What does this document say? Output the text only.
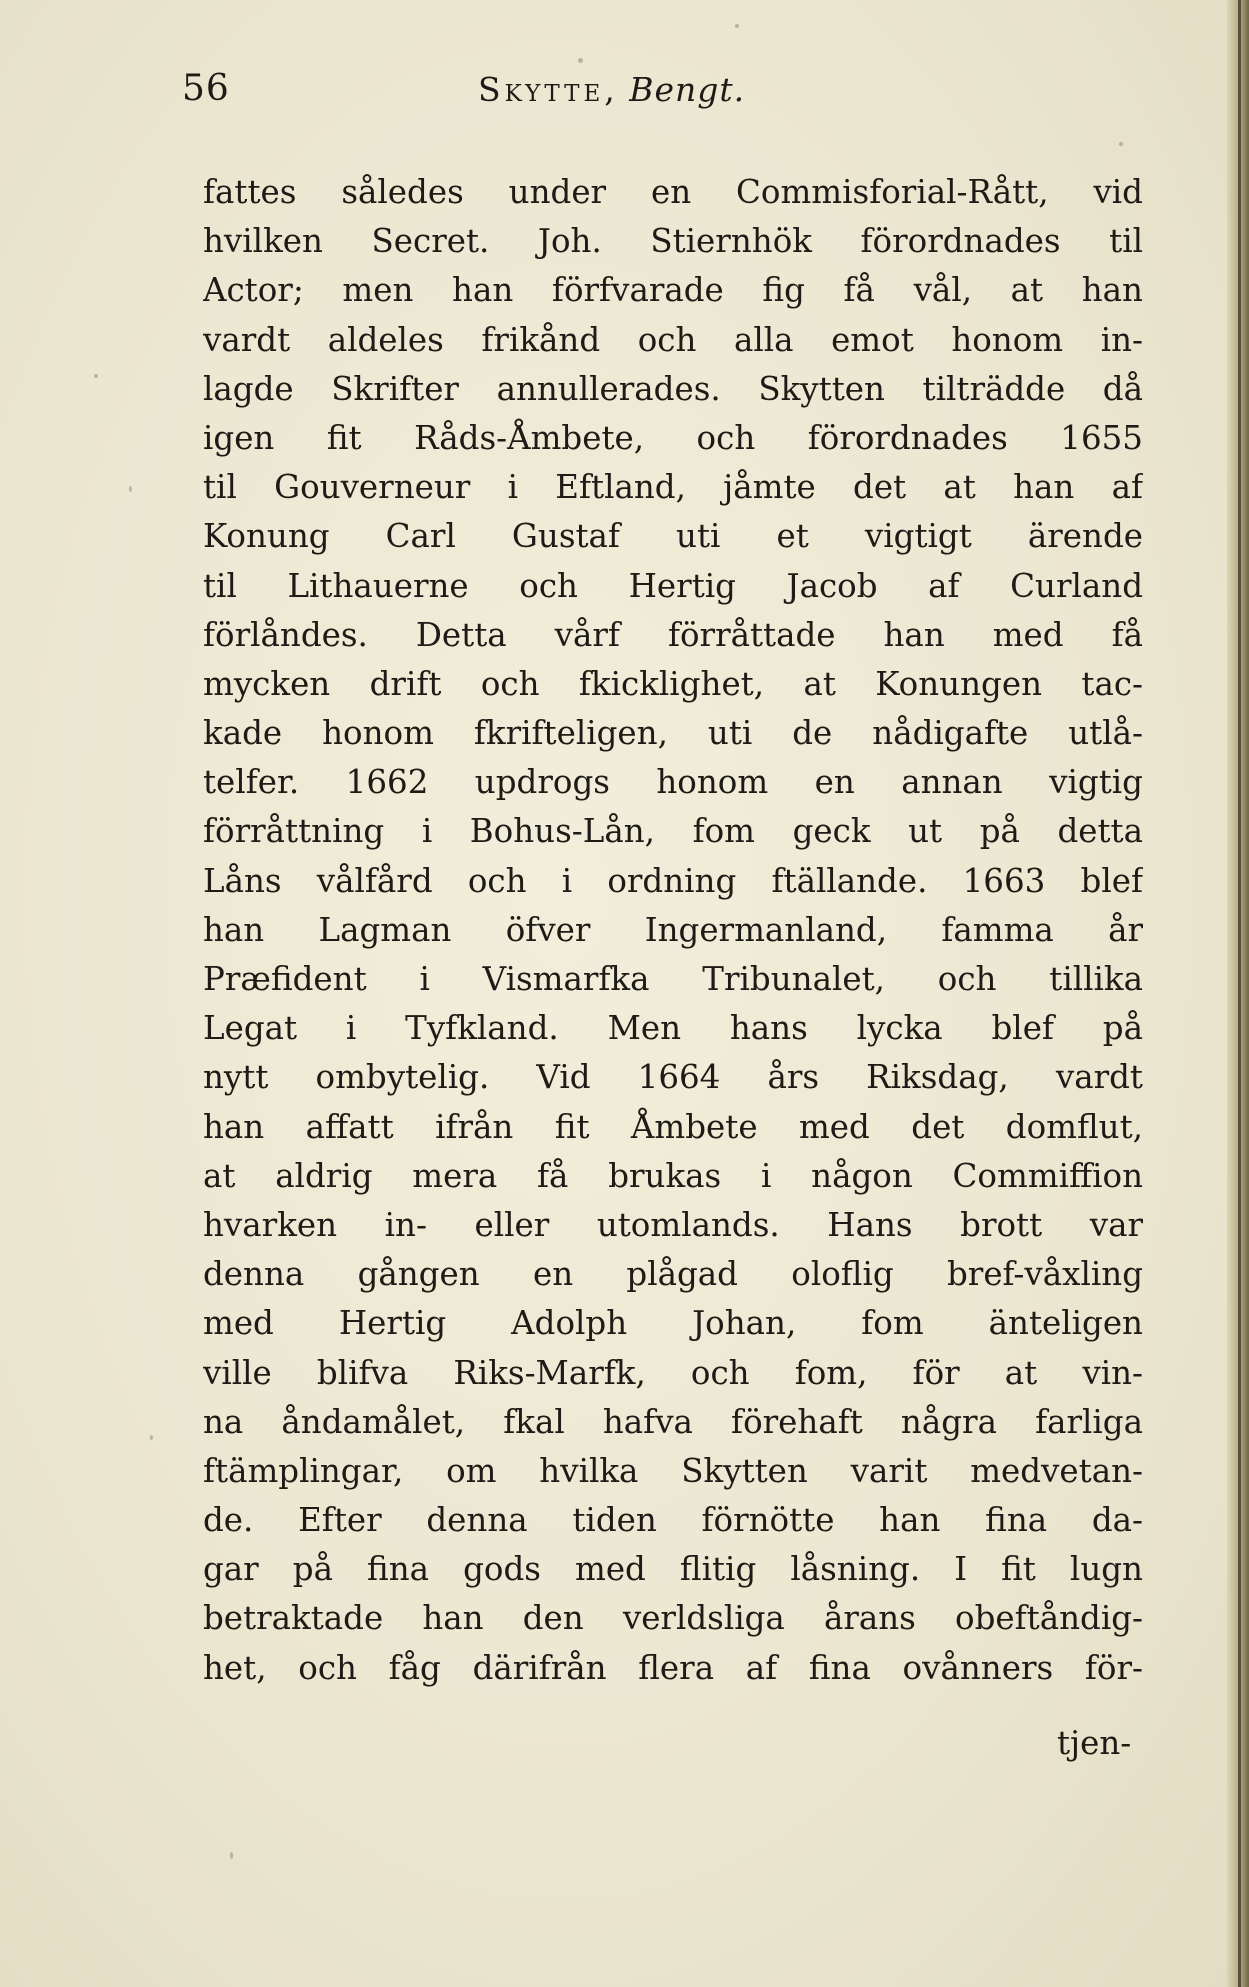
56	Skytte, Bengt.
fattes således under en Commisforial-Rått, vid
hvilken Secret. Joh. Stiernhök förordnades til
Actor; men han förfvarade fig få vål, at han
vardt aldeles frikånd och alla emot honom in-
lagde Skrifter annullerades. Skytten tilträdde då
igen fit Råds-Åmbete, och förordnades 1655
til Gouverneur i Eftland, jåmte det at han af
Konung Carl Gustaf uti et vigtigt ärende
til Lithauerne och Hertig Jacob af Curland
förlåndes. Detta vårf förråttade han med få
mycken drift och fkicklighet, at Konungen tac-
kade honom fkrifteligen, uti de nådigafte utlå-
telfer. 1662 updrogs honom en annan vigtig
förråttning i Bohus-Lån, fom geck ut på detta
Låns vålfård och i ordning ftällande. 1663 blef
han Lagman öfver Ingermanland, famma år
Præfident i Vismarfka Tribunalet, och tillika
Legat i Tyfkland. Men hans lycka blef på
nytt ombytelig. Vid 1664 års Riksdag, vardt
han affatt ifrån fit Åmbete med det domflut,
at aldrig mera få brukas i någon Commiffion
hvarken in- eller utomlands. Hans brott var
denna gången en plågad oloflig bref-våxling
med Hertig Adolph Johan, fom änteligen
ville blifva Riks-Marfk, och fom, för at vin-
na åndamålet, fkal hafva förehaft några farliga
ftämplingar, om hvilka Skytten varit medvetan-
de. Efter denna tiden förnötte han fina da-
gar på fina gods med flitig låsning. I fit lugn
betraktade han den verldsliga årans obeftåndig-
het, och fåg därifrån flera af fina ovånners för-
tjen-
